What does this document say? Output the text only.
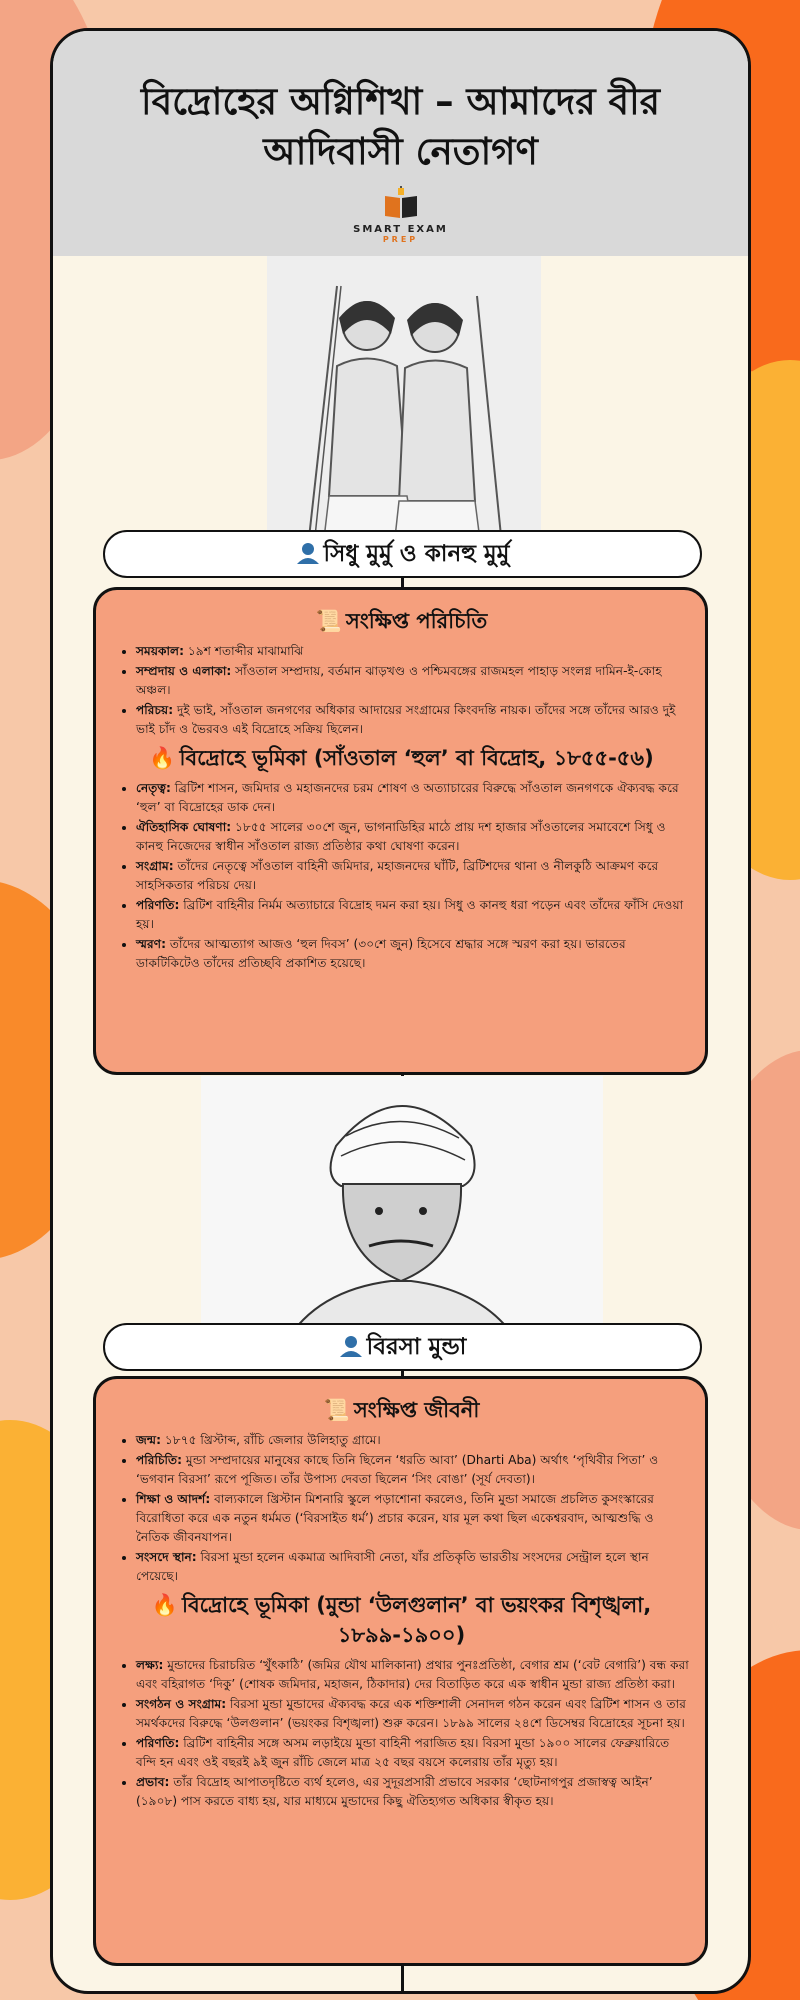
বিদ্রোহের অগ্নিশিখা – আমাদের বীর আদিবাসী নেতাগণ
SMART EXAM
PREP
সিধু মুর্মু ও কানহু মুর্মু
📜 সংক্ষিপ্ত পরিচিতি
• সময়কাল: ১৯শ শতাব্দীর মাঝামাঝি
• সম্প্রদায় ও এলাকা: সাঁওতাল সম্প্রদায়, বর্তমান ঝাড়খণ্ড ও পশ্চিমবঙ্গের রাজমহল পাহাড় সংলগ্ন দামিন-ই-কোহ অঞ্চল।
• পরিচয়: দুই ভাই, সাঁওতাল জনগণের অধিকার আদায়ের সংগ্রামের কিংবদন্তি নায়ক। তাঁদের সঙ্গে তাঁদের আরও দুই ভাই চাঁদ ও ভৈরবও এই বিদ্রোহে সক্রিয় ছিলেন।
🔥 বিদ্রোহে ভূমিকা (সাঁওতাল ‘হুল’ বা বিদ্রোহ, ১৮৫৫-৫৬)
• নেতৃত্ব: ব্রিটিশ শাসন, জমিদার ও মহাজনদের চরম শোষণ ও অত্যাচারের বিরুদ্ধে সাঁওতাল জনগণকে ঐক্যবদ্ধ করে ‘হুল’ বা বিদ্রোহের ডাক দেন।
• ঐতিহাসিক ঘোষণা: ১৮৫৫ সালের ৩০শে জুন, ভাগনাডিহির মাঠে প্রায় দশ হাজার সাঁওতালের সমাবেশে সিধু ও কানহু নিজেদের স্বাধীন সাঁওতাল রাজ্য প্রতিষ্ঠার কথা ঘোষণা করেন।
• সংগ্রাম: তাঁদের নেতৃত্বে সাঁওতাল বাহিনী জমিদার, মহাজনদের ঘাঁটি, ব্রিটিশদের থানা ও নীলকুঠি আক্রমণ করে সাহসিকতার পরিচয় দেয়।
• পরিণতি: ব্রিটিশ বাহিনীর নির্মম অত্যাচারে বিদ্রোহ দমন করা হয়। সিধু ও কানহু ধরা পড়েন এবং তাঁদের ফাঁসি দেওয়া হয়।
• স্মরণ: তাঁদের আত্মত্যাগ আজও ‘হুল দিবস’ (৩০শে জুন) হিসেবে শ্রদ্ধার সঙ্গে স্মরণ করা হয়। ভারতের ডাকটিকিটেও তাঁদের প্রতিচ্ছবি প্রকাশিত হয়েছে।
বিরসা মুন্ডা
📜 সংক্ষিপ্ত জীবনী
• জন্ম: ১৮৭৫ খ্রিস্টাব্দ, রাঁচি জেলার উলিহাতু গ্রামে।
• পরিচিতি: মুন্ডা সম্প্রদায়ের মানুষের কাছে তিনি ছিলেন ‘ধরতি আবা’ (Dharti Aba) অর্থাৎ ‘পৃথিবীর পিতা’ ও ‘ভগবান বিরসা’ রূপে পূজিত। তাঁর উপাস্য দেবতা ছিলেন ‘সিং বোঙা’ (সূর্য দেবতা)।
• শিক্ষা ও আদর্শ: বাল্যকালে খ্রিস্টান মিশনারি স্কুলে পড়াশোনা করলেও, তিনি মুন্ডা সমাজে প্রচলিত কুসংস্কারের বিরোধিতা করে এক নতুন ধর্মমত (‘বিরসাইত ধর্ম’) প্রচার করেন, যার মূল কথা ছিল একেশ্বরবাদ, আত্মশুদ্ধি ও নৈতিক জীবনযাপন।
• সংসদে স্থান: বিরসা মুন্ডা হলেন একমাত্র আদিবাসী নেতা, যাঁর প্রতিকৃতি ভারতীয় সংসদের সেন্ট্রাল হলে স্থান পেয়েছে।
🔥 বিদ্রোহে ভূমিকা (মুন্ডা ‘উলগুলান’ বা ভয়ংকর বিশৃঙ্খলা, ১৮৯৯-১৯০০)
• লক্ষ্য: মুন্ডাদের চিরাচরিত ‘খুঁৎকাঠি’ (জমির যৌথ মালিকানা) প্রথার পুনঃপ্রতিষ্ঠা, বেগার শ্রম (‘বেট বেগারি’) বন্ধ করা এবং বহিরাগত ‘দিকু’ (শোষক জমিদার, মহাজন, ঠিকাদার) দের বিতাড়িত করে এক স্বাধীন মুন্ডা রাজ্য প্রতিষ্ঠা করা।
• সংগঠন ও সংগ্রাম: বিরসা মুন্ডা মুন্ডাদের ঐক্যবদ্ধ করে এক শক্তিশালী সেনাদল গঠন করেন এবং ব্রিটিশ শাসন ও তার সমর্থকদের বিরুদ্ধে ‘উলগুলান’ (ভয়ংকর বিশৃঙ্খলা) শুরু করেন। ১৮৯৯ সালের ২৪শে ডিসেম্বর বিদ্রোহের সূচনা হয়।
• পরিণতি: ব্রিটিশ বাহিনীর সঙ্গে অসম লড়াইয়ে মুন্ডা বাহিনী পরাজিত হয়। বিরসা মুন্ডা ১৯০০ সালের ফেব্রুয়ারিতে বন্দি হন এবং ওই বছরই ৯ই জুন রাঁচি জেলে মাত্র ২৫ বছর বয়সে কলেরায় তাঁর মৃত্যু হয়।
• প্রভাব: তাঁর বিদ্রোহ আপাতদৃষ্টিতে ব্যর্থ হলেও, এর সুদূরপ্রসারী প্রভাবে সরকার ‘ছোটনাগপুর প্রজাস্বত্ব আইন’ (১৯০৮) পাস করতে বাধ্য হয়, যার মাধ্যমে মুন্ডাদের কিছু ঐতিহ্যগত অধিকার স্বীকৃত হয়।
